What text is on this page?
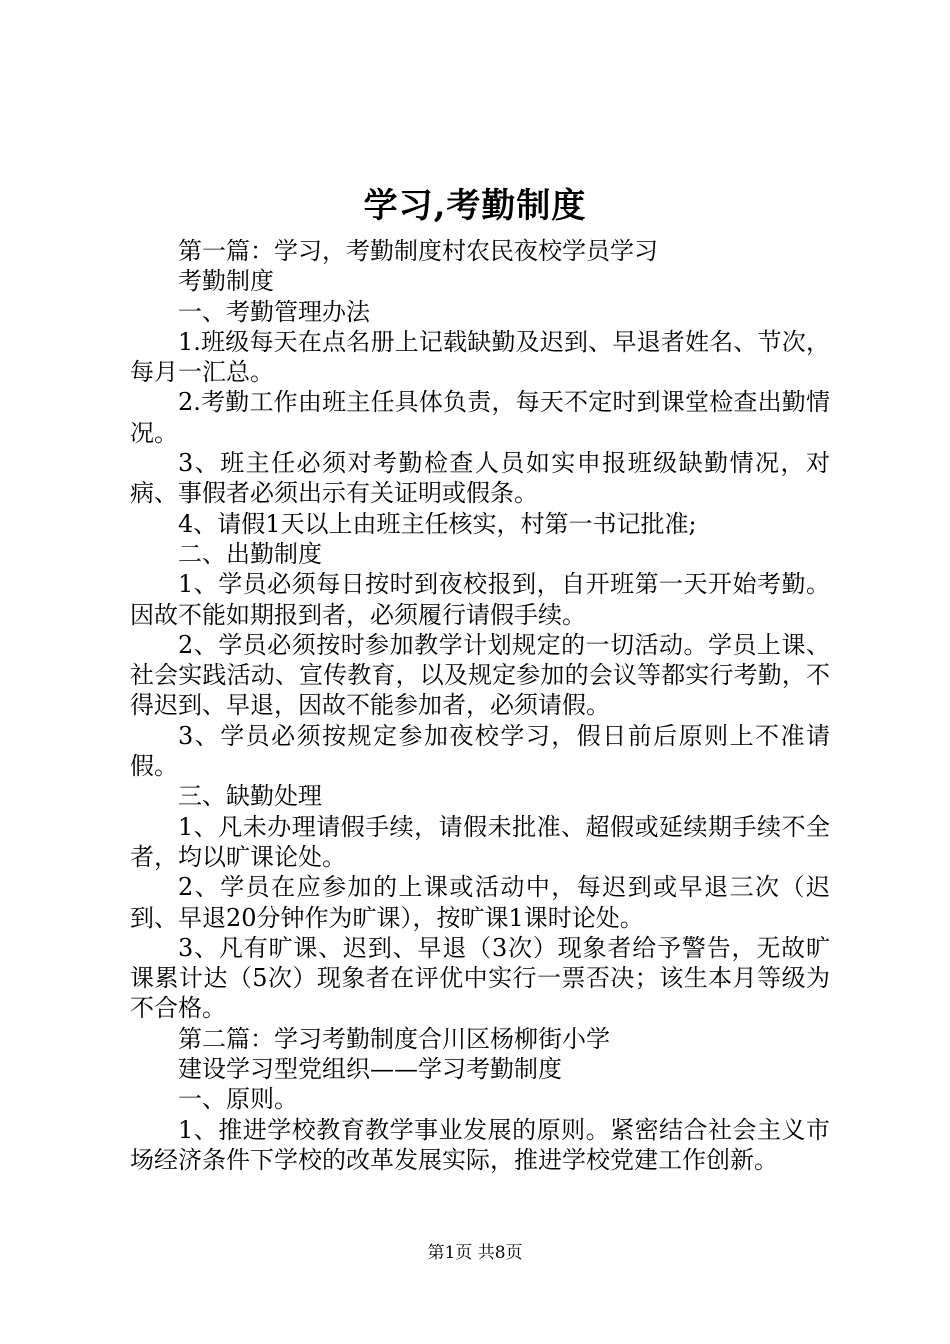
学习,考勤制度

第一篇：学习，考勤制度村农民夜校学员学习

考勤制度

一、考勤管理办法

1.班级每天在点名册上记载缺勤及迟到、早退者姓名、节次，每月一汇总。

2.考勤工作由班主任具体负责，每天不定时到课堂检查出勤情况。

3、班主任必须对考勤检查人员如实申报班级缺勤情况，对病、事假者必须出示有关证明或假条。

4、请假1天以上由班主任核实，村第一书记批准;

二、出勤制度

1、学员必须每日按时到夜校报到，自开班第一天开始考勤。因故不能如期报到者，必须履行请假手续。

2、学员必须按时参加教学计划规定的一切活动。学员上课、社会实践活动、宣传教育，以及规定参加的会议等都实行考勤，不得迟到、早退，因故不能参加者，必须请假。

3、学员必须按规定参加夜校学习，假日前后原则上不准请假。

三、缺勤处理

1、凡未办理请假手续，请假未批准、超假或延续期手续不全者，均以旷课论处。

2、学员在应参加的上课或活动中，每迟到或早退三次（迟到、早退20分钟作为旷课），按旷课1课时论处。

3、凡有旷课、迟到、早退（3次）现象者给予警告，无故旷课累计达（5次）现象者在评优中实行一票否决；该生本月等级为不合格。

第二篇：学习考勤制度合川区杨柳街小学

建设学习型党组织——学习考勤制度

一、原则。

1、推进学校教育教学事业发展的原则。紧密结合社会主义市场经济条件下学校的改革发展实际，推进学校党建工作创新。

第1页 共8页
